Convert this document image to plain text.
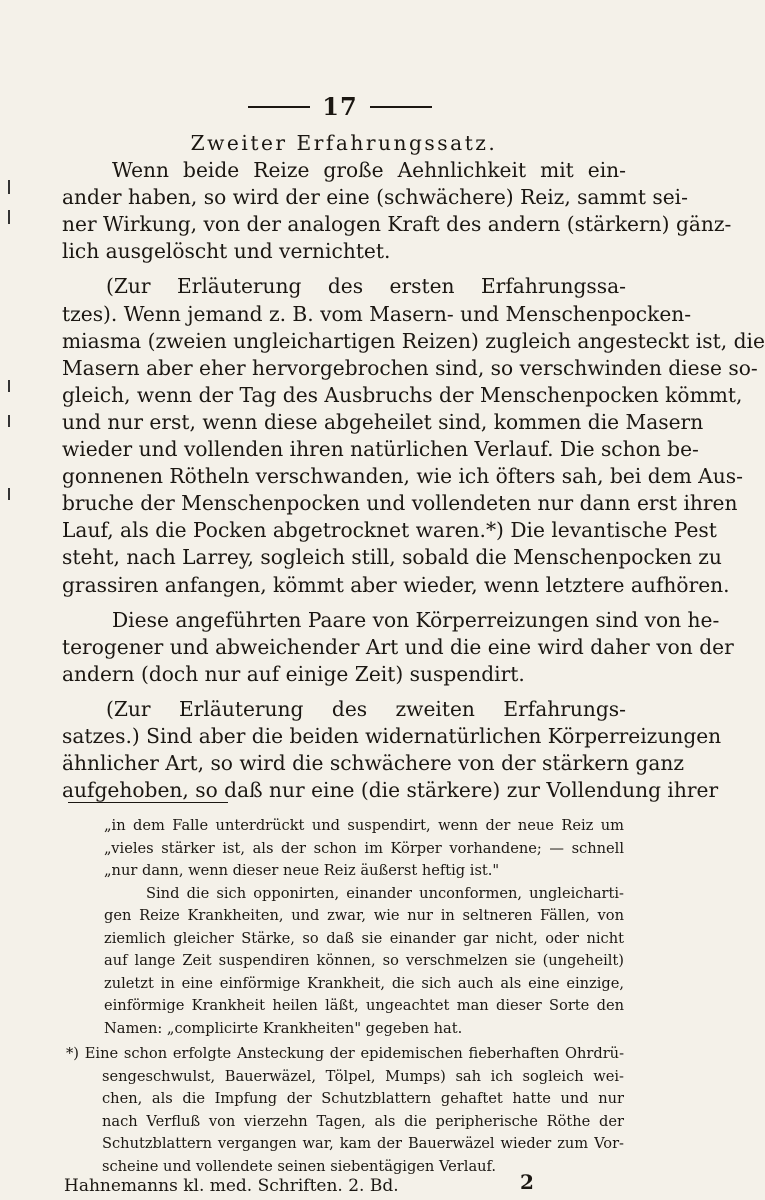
17
Zweiter Erfahrungssatz.
Wenn beide Reize große Aehnlichkeit mit ein-
ander haben, so wird der eine (schwächere) Reiz, sammt sei-
ner Wirkung, von der analogen Kraft des andern (stärkern) gänz-
lich ausgelöscht und vernichtet.
(Zur Erläuterung des ersten Erfahrungssa-
tzes). Wenn jemand z. B. vom Masern- und Menschenpocken-
miasma (zweien ungleichartigen Reizen) zugleich angesteckt ist, die
Masern aber eher hervorgebrochen sind, so verschwinden diese so-
gleich, wenn der Tag des Ausbruchs der Menschenpocken kömmt,
und nur erst, wenn diese abgeheilet sind, kommen die Masern
wieder und vollenden ihren natürlichen Verlauf. Die schon be-
gonnenen Rötheln verschwanden, wie ich öfters sah, bei dem Aus-
bruche der Menschenpocken und vollendeten nur dann erst ihren
Lauf, als die Pocken abgetrocknet waren.*) Die levantische Pest
steht, nach Larrey, sogleich still, sobald die Menschenpocken zu
grassiren anfangen, kömmt aber wieder, wenn letztere aufhören.
Diese angeführten Paare von Körperreizungen sind von he-
terogener und abweichender Art und die eine wird daher von der
andern (doch nur auf einige Zeit) suspendirt.
(Zur Erläuterung des zweiten Erfahrungs-
satzes.) Sind aber die beiden widernatürlichen Körperreizungen
ähnlicher Art, so wird die schwächere von der stärkern ganz
aufgehoben, so daß nur eine (die stärkere) zur Vollendung ihrer
„in dem Falle unterdrückt und suspendirt, wenn der neue Reiz um
„vieles stärker ist, als der schon im Körper vorhandene; — schnell
„nur dann, wenn dieser neue Reiz äußerst heftig ist."
Sind die sich opponirten, einander unconformen, ungleicharti-
gen Reize Krankheiten, und zwar, wie nur in seltneren Fällen, von
ziemlich gleicher Stärke, so daß sie einander gar nicht, oder nicht
auf lange Zeit suspendiren können, so verschmelzen sie (ungeheilt)
zuletzt in eine einförmige Krankheit, die sich auch als eine einzige,
einförmige Krankheit heilen läßt, ungeachtet man dieser Sorte den
Namen: „complicirte Krankheiten" gegeben hat.
*) Eine schon erfolgte Ansteckung der epidemischen fieberhaften Ohrdrü-
sengeschwulst, Bauerwäzel, Tölpel, Mumps) sah ich sogleich wei-
chen, als die Impfung der Schutzblattern gehaftet hatte und nur
nach Verfluß von vierzehn Tagen, als die peripherische Röthe der
Schutzblattern vergangen war, kam der Bauerwäzel wieder zum Vor-
scheine und vollendete seinen siebentägigen Verlauf.
Hahnemanns kl. med. Schriften. 2. Bd.	2
